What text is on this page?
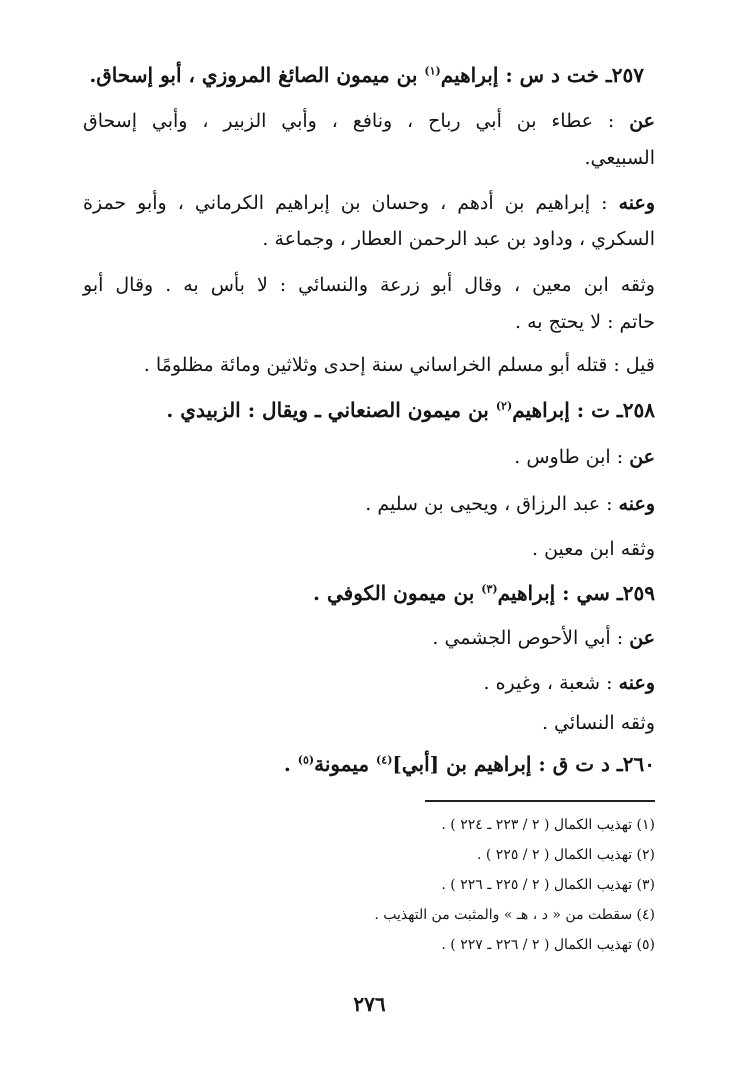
٢٥٧ـ خت د س : إبراهيم$^{(١)}$ بن ميمون الصائغ المروزي ، أبو إسحاق.
عن : عطاء بن أبي رباح ، ونافع ، وأبي الزبير ، وأبي إسحاق
السبيعي.
وعنه : إبراهيم بن أدهم ، وحسان بن إبراهيم الكرماني ، وأبو حمزة
السكري ، وداود بن عبد الرحمن العطار ، وجماعة .
وثقه ابن معين ، وقال أبو زرعة والنسائي : لا بأس به . وقال أبو
حاتم : لا يحتج به .
قيل : قتله أبو مسلم الخراساني سنة إحدى وثلاثين ومائة مظلومًا .
٢٥٨ـ ت : إبراهيم$^{(٢)}$ بن ميمون الصنعاني ـ ويقال : الزبيدي .
عن : ابن طاوس .
وعنه : عبد الرزاق ، ويحيى بن سليم .
وثقه ابن معين .
٢٥٩ـ سي : إبراهيم$^{(٣)}$ بن ميمون الكوفي .
عن : أبي الأحوص الجشمي .
وعنه : شعبة ، وغيره .
وثقه النسائي .
٢٦٠ـ د ت ق : إبراهيم بن [أبي]$^{(٤)}$ ميمونة$^{(٥)}$ .
(١) تهذيب الكمال ( ٢ / ٢٢٣ ـ ٢٢٤ ) .
(٢) تهذيب الكمال ( ٢ / ٢٢٥ ) .
(٣) تهذيب الكمال ( ٢ / ٢٢٥ ـ ٢٢٦ ) .
(٤) سقطت من « د ، هـ » والمثبت من التهذيب .
(٥) تهذيب الكمال ( ٢ / ٢٢٦ ـ ٢٢٧ ) .
٢٧٦
